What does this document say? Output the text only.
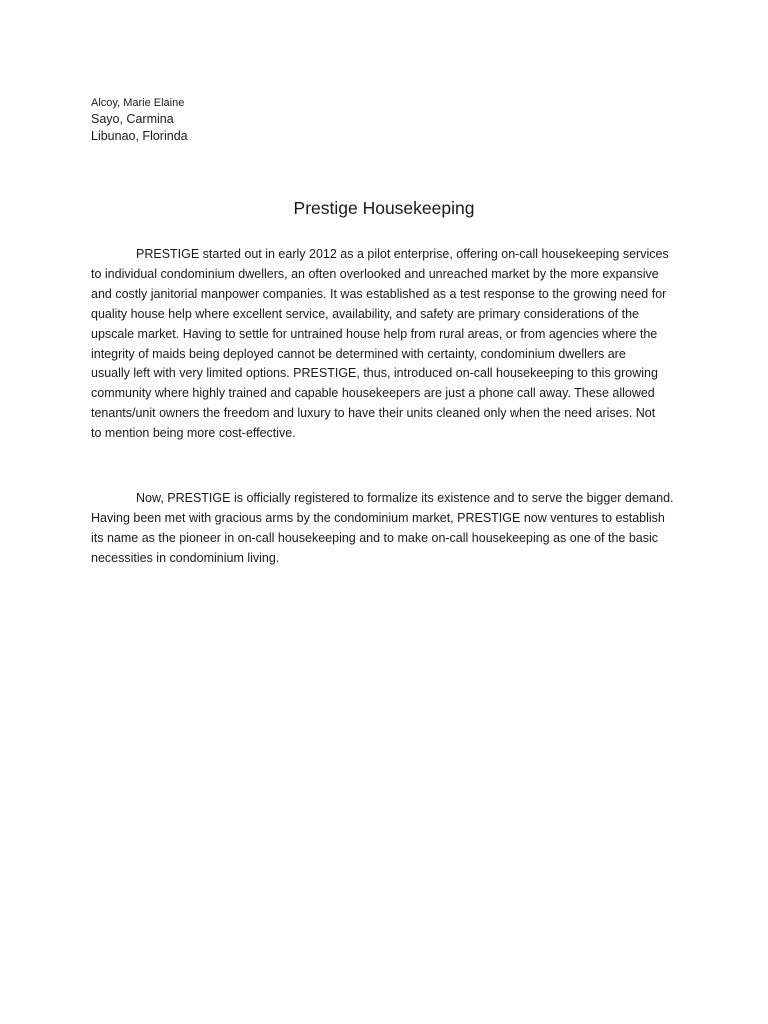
Alcoy, Marie Elaine
Sayo, Carmina
Libunao, Florinda
Prestige Housekeeping
PRESTIGE started out in early 2012 as a pilot enterprise, offering on-call housekeeping services
to individual condominium dwellers, an often overlooked and unreached market by the more expansive
and costly janitorial manpower companies. It was established as a test response to the growing need for
quality house help where excellent service, availability, and safety are primary considerations of the
upscale market. Having to settle for untrained house help from rural areas, or from agencies where the
integrity of maids being deployed cannot be determined with certainty, condominium dwellers are
usually left with very limited options. PRESTIGE, thus, introduced on-call housekeeping to this growing
community where highly trained and capable housekeepers are just a phone call away. These allowed
tenants/unit owners the freedom and luxury to have their units cleaned only when the need arises. Not
to mention being more cost-effective.
Now, PRESTIGE is officially registered to formalize its existence and to serve the bigger demand.
Having been met with gracious arms by the condominium market, PRESTIGE now ventures to establish
its name as the pioneer in on-call housekeeping and to make on-call housekeeping as one of the basic
necessities in condominium living.
